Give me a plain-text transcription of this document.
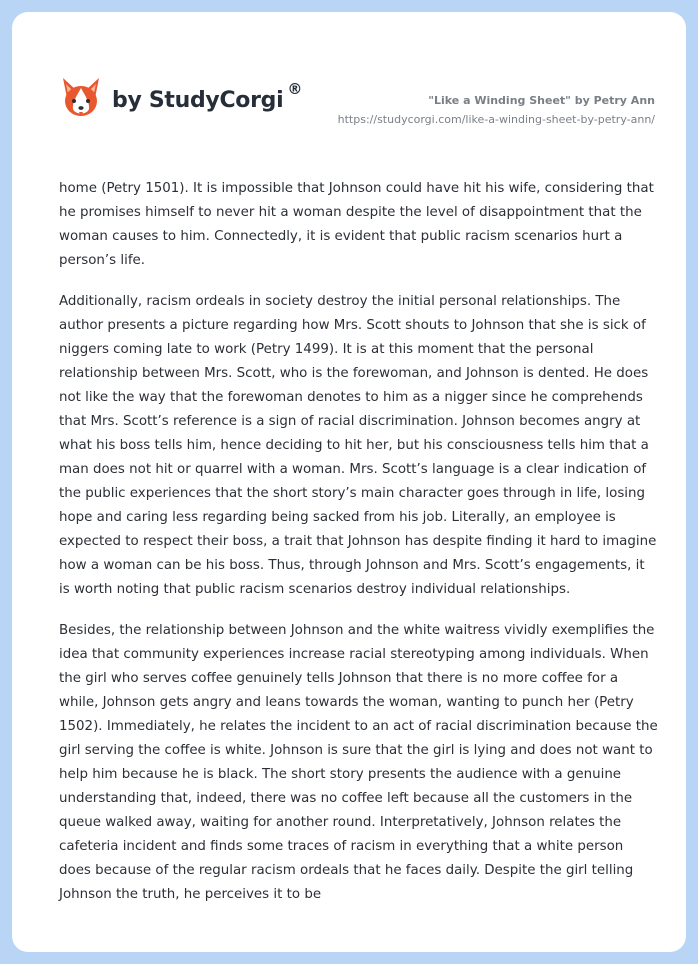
by StudyCorgi ®
"Like a Winding Sheet" by Petry Ann
https://studycorgi.com/like-a-winding-sheet-by-petry-ann/

home (Petry 1501). It is impossible that Johnson could have hit his wife, considering that he promises himself to never hit a woman despite the level of disappointment that the woman causes to him. Connectedly, it is evident that public racism scenarios hurt a person’s life.

Additionally, racism ordeals in society destroy the initial personal relationships. The author presents a picture regarding how Mrs. Scott shouts to Johnson that she is sick of niggers coming late to work (Petry 1499). It is at this moment that the personal relationship between Mrs. Scott, who is the forewoman, and Johnson is dented. He does not like the way that the forewoman denotes to him as a nigger since he comprehends that Mrs. Scott’s reference is a sign of racial discrimination. Johnson becomes angry at what his boss tells him, hence deciding to hit her, but his consciousness tells him that a man does not hit or quarrel with a woman. Mrs. Scott’s language is a clear indication of the public experiences that the short story’s main character goes through in life, losing hope and caring less regarding being sacked from his job. Literally, an employee is expected to respect their boss, a trait that Johnson has despite finding it hard to imagine how a woman can be his boss. Thus, through Johnson and Mrs. Scott’s engagements, it is worth noting that public racism scenarios destroy individual relationships.

Besides, the relationship between Johnson and the white waitress vividly exemplifies the idea that community experiences increase racial stereotyping among individuals. When the girl who serves coffee genuinely tells Johnson that there is no more coffee for a while, Johnson gets angry and leans towards the woman, wanting to punch her (Petry 1502). Immediately, he relates the incident to an act of racial discrimination because the girl serving the coffee is white. Johnson is sure that the girl is lying and does not want to help him because he is black. The short story presents the audience with a genuine understanding that, indeed, there was no coffee left because all the customers in the queue walked away, waiting for another round. Interpretatively, Johnson relates the cafeteria incident and finds some traces of racism in everything that a white person does because of the regular racism ordeals that he faces daily. Despite the girl telling Johnson the truth, he perceives it to be
